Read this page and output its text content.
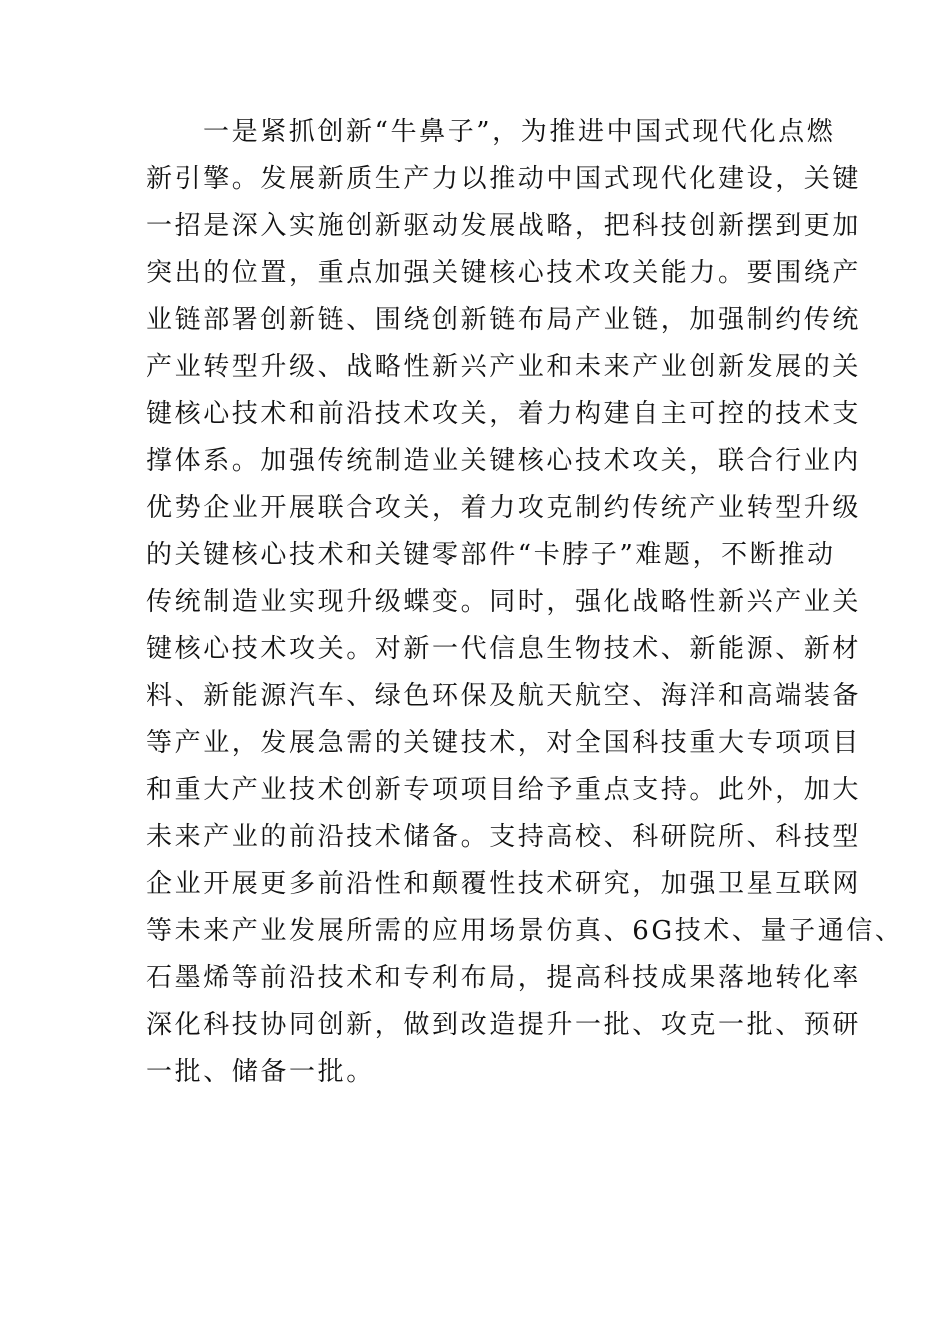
一是紧抓创新“牛鼻子”，为推进中国式现代化点燃
新引擎。发展新质生产力以推动中国式现代化建设，关键
一招是深入实施创新驱动发展战略，把科技创新摆到更加
突出的位置，重点加强关键核心技术攻关能力。要围绕产
业链部署创新链、围绕创新链布局产业链，加强制约传统
产业转型升级、战略性新兴产业和未来产业创新发展的关
键核心技术和前沿技术攻关，着力构建自主可控的技术支
撑体系。加强传统制造业关键核心技术攻关，联合行业内
优势企业开展联合攻关，着力攻克制约传统产业转型升级
的关键核心技术和关键零部件“卡脖子”难题，不断推动
传统制造业实现升级蝶变。同时，强化战略性新兴产业关
键核心技术攻关。对新一代信息生物技术、新能源、新材
料、新能源汽车、绿色环保及航天航空、海洋和高端装备
等产业，发展急需的关键技术，对全国科技重大专项项目
和重大产业技术创新专项项目给予重点支持。此外，加大
未来产业的前沿技术储备。支持高校、科研院所、科技型
企业开展更多前沿性和颠覆性技术研究，加强卫星互联网
等未来产业发展所需的应用场景仿真、6G技术、量子通信、
石墨烯等前沿技术和专利布局，提高科技成果落地转化率
深化科技协同创新，做到改造提升一批、攻克一批、预研
一批、储备一批。
